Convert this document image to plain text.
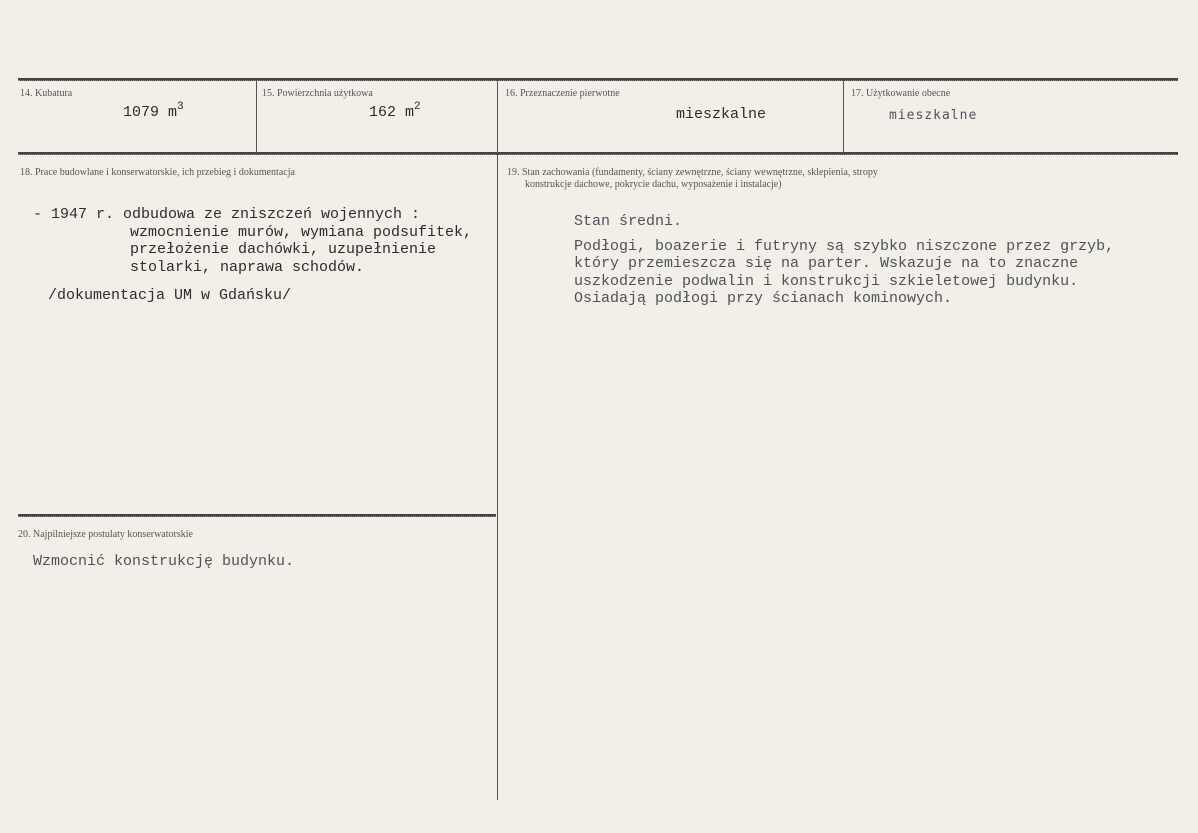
14. Kubatura
1079 $m^3$
15. Powierzchnia użytkowa
162 $m^2$
16. Przeznaczenie pierwotne
mieszkalne
17. Użytkowanie obecne
mieszkalne
18. Prace budowlane i konserwatorskie, ich przebieg i dokumentacja
- 1947 r. odbudowa ze zniszczeń wojennych :
wzmocnienie murów, wymiana podsufitek,
przełożenie dachówki, uzupełnienie
stolarki, naprawa schodów.
/dokumentacja UM w Gdańsku/
19. Stan zachowania (fundamenty, ściany zewnętrzne, ściany wewnętrzne, sklepienia, stropy
konstrukcje dachowe, pokrycie dachu, wyposażenie i instalacje)
Stan średni.
Podłogi, boazerie i futryny są szybko niszczone przez grzyb,
który przemieszcza się na parter. Wskazuje na to znaczne
uszkodzenie podwalin i konstrukcji szkieletowej budynku.
Osiadają podłogi przy ścianach kominowych.
20. Najpilniejsze postulaty konserwatorskie
Wzmocnić konstrukcję budynku.
